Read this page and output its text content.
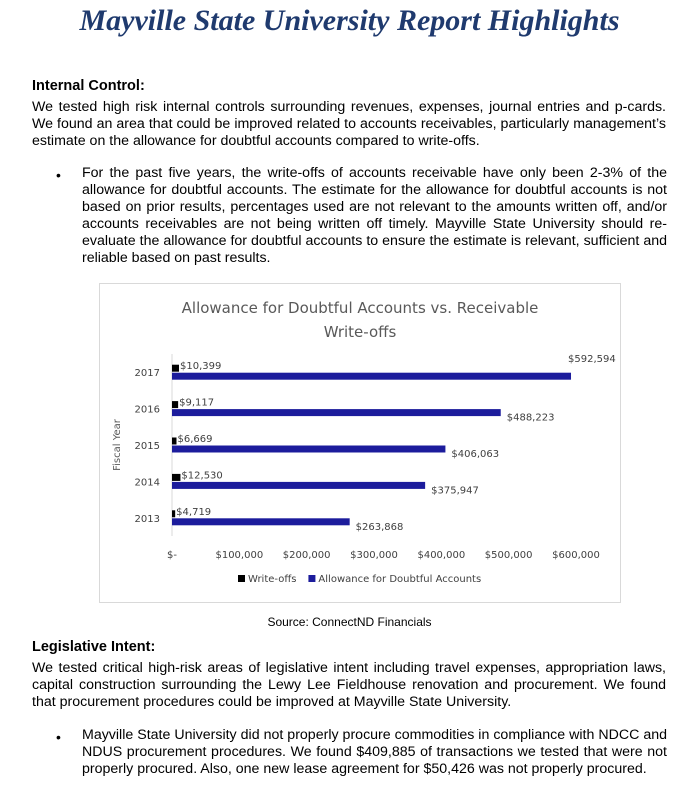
Mayville State University Report Highlights
Internal Control:

We tested high risk internal controls surrounding revenues, expenses, journal entries and p-cards. We found an area that could be improved related to accounts receivables, particularly management’s estimate on the allowance for doubtful accounts compared to write-offs.

• For the past five years, the write-offs of accounts receivable have only been 2-3% of the allowance for doubtful accounts. The estimate for the allowance for doubtful accounts is not based on prior results, percentages used are not relevant to the amounts written off, and/or accounts receivables are not being written off timely. Mayville State University should re-evaluate the allowance for doubtful accounts to ensure the estimate is relevant, sufficient and reliable based on past results.

Allowance for Doubtful Accounts vs. Receivable
Write-offs
Fiscal Year
2017
$10,399
$592,594
2016
$9,117
$488,223
2015
$6,669
$406,063
2014
$12,530
$375,947
2013
$4,719
$263,868
$-	$100,000 $200,000 $300,000 $400,000 $500,000 $600,000
Write-offs Allowance for Doubtful Accounts
Source: ConnectND Financials
Legislative Intent:

We tested critical high-risk areas of legislative intent including travel expenses, appropriation laws, capital construction surrounding the Lewy Lee Fieldhouse renovation and procurement. We found that procurement procedures could be improved at Mayville State University.

• Mayville State University did not properly procure commodities in compliance with NDCC and NDUS procurement procedures. We found $409,885 of transactions we tested that were not properly procured. Also, one new lease agreement for $50,426 was not properly procured.
